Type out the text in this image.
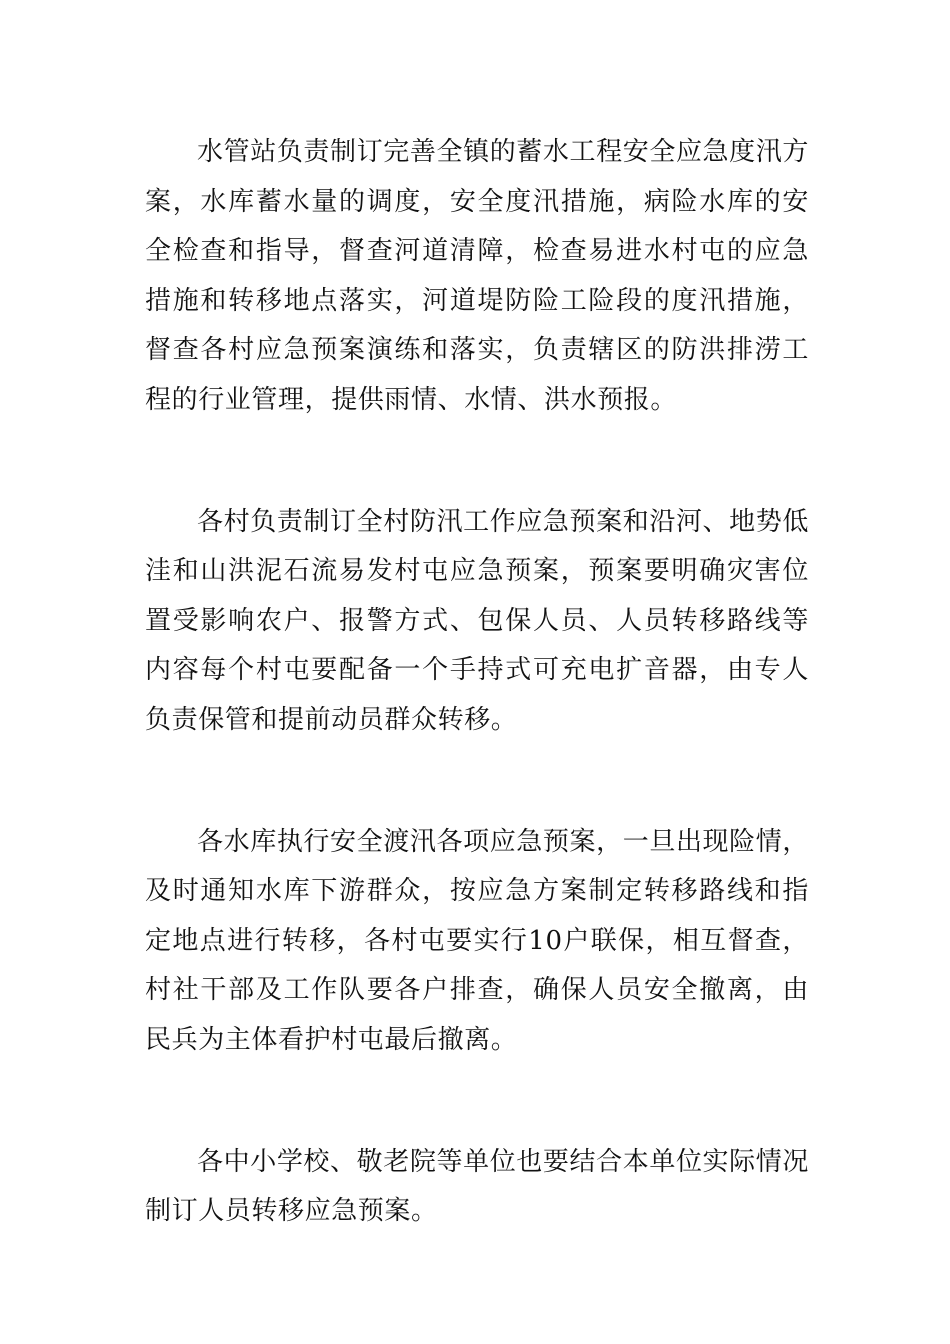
水管站负责制订完善全镇的蓄水工程安全应急度汛方案，水库蓄水量的调度，安全度汛措施，病险水库的安全检查和指导，督查河道清障，检查易进水村屯的应急措施和转移地点落实，河道堤防险工险段的度汛措施，督查各村应急预案演练和落实，负责辖区的防洪排涝工程的行业管理，提供雨情、水情、洪水预报。

各村负责制订全村防汛工作应急预案和沿河、地势低洼和山洪泥石流易发村屯应急预案，预案要明确灾害位置受影响农户、报警方式、包保人员、人员转移路线等内容每个村屯要配备一个手持式可充电扩音器，由专人负责保管和提前动员群众转移。

各水库执行安全渡汛各项应急预案，一旦出现险情，及时通知水库下游群众，按应急方案制定转移路线和指定地点进行转移，各村屯要实行10户联保，相互督查，村社干部及工作队要各户排查，确保人员安全撤离，由民兵为主体看护村屯最后撤离。

各中小学校、敬老院等单位也要结合本单位实际情况制订人员转移应急预案。
